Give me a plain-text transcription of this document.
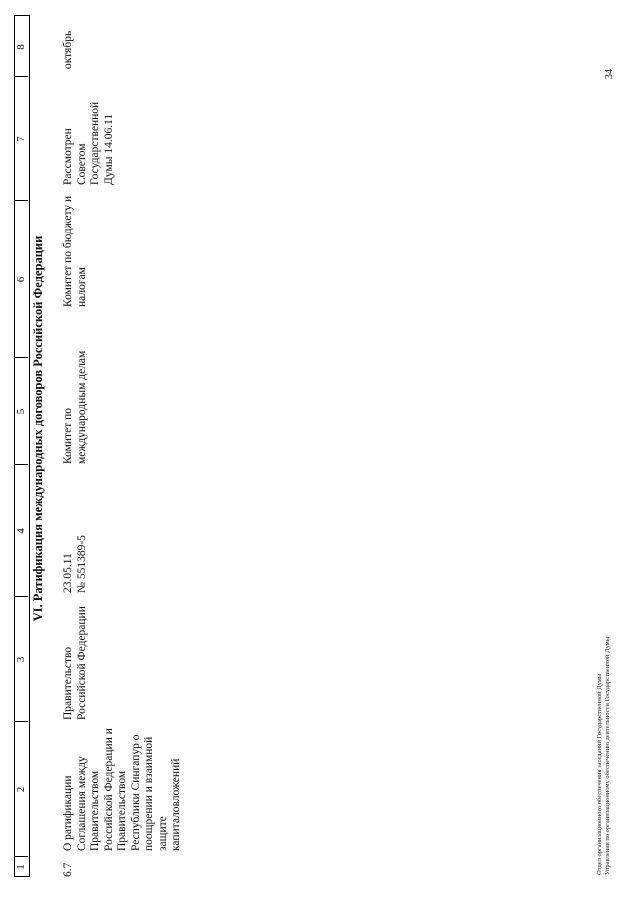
1
2
3
4
5
6
7
8
VI. Ратификация международных договоров Российской Федерации
6.7
О ратификации Соглашения между Правительством Российской Федерации и Правительством Республики Сингапур о поощрении и взаимной защите капиталовложений
Правительство Российской Федерации
23.05.11 № 551389-5
Комитет по международным делам
Комитет по бюджету и налогам
Рассмотрен Советом Государственной Думы 14.06.11
октябрь
Отдел организационного обеспечения заседаний Государственной Думы Управления по организационному обеспечению деятельности Государственной Думы
34
